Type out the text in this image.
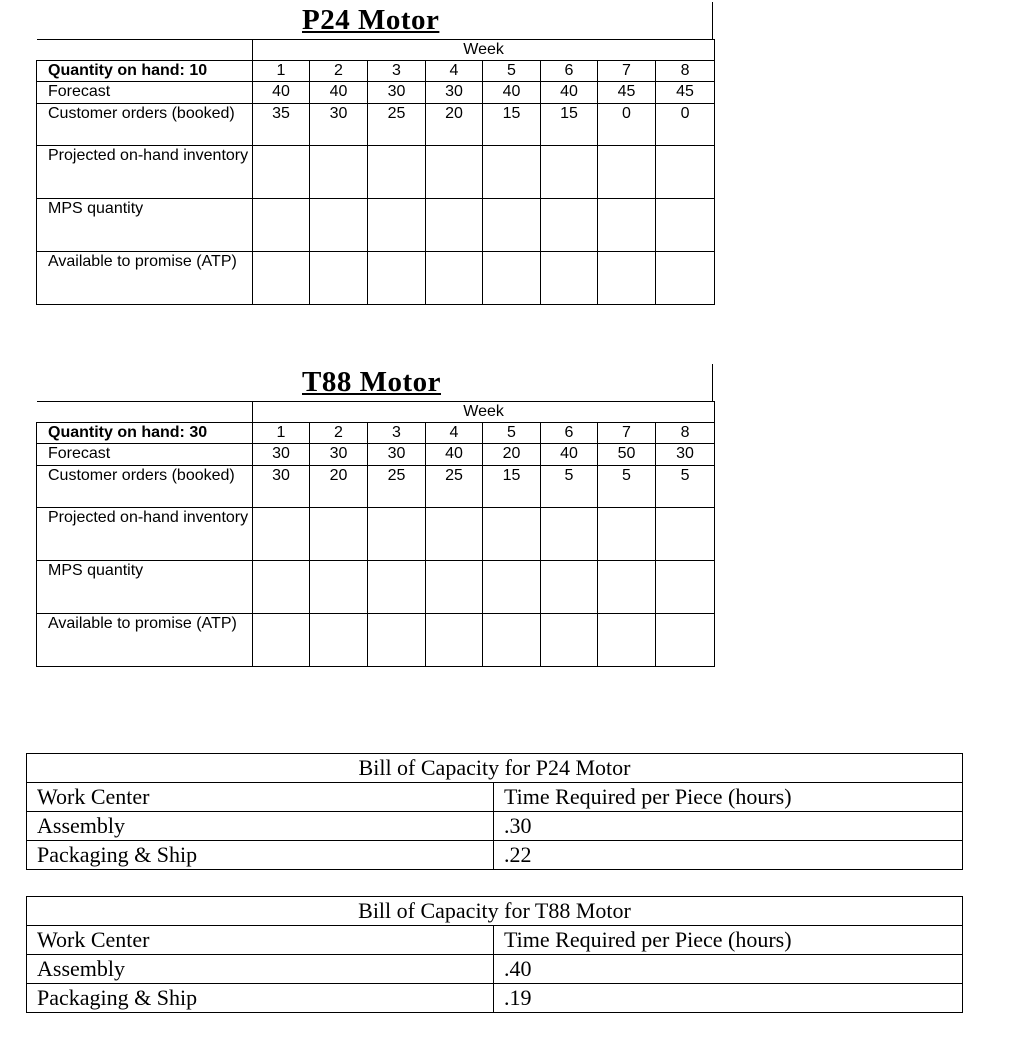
P24 Motor
	Week							
Quantity on hand: 10	1	2	3	4	5	6	7	8
Forecast	40	40	30	30	40	40	45	45
Customer orders (booked)	35	30	25	20	15	15	0	0
Projected on-hand inventory								
MPS quantity								
Available to promise (ATP)								
T88 Motor
	Week							
Quantity on hand: 30	1	2	3	4	5	6	7	8
Forecast	30	30	30	40	20	40	50	30
Customer orders (booked)	30	20	25	25	15	5	5	5
Projected on-hand inventory								
MPS quantity								
Available to promise (ATP)								
Bill of Capacity for P24 Motor	
Work Center	Time Required per Piece (hours)
Assembly	.30
Packaging & Ship	.22
Bill of Capacity for T88 Motor	
Work Center	Time Required per Piece (hours)
Assembly	.40
Packaging & Ship	.19
